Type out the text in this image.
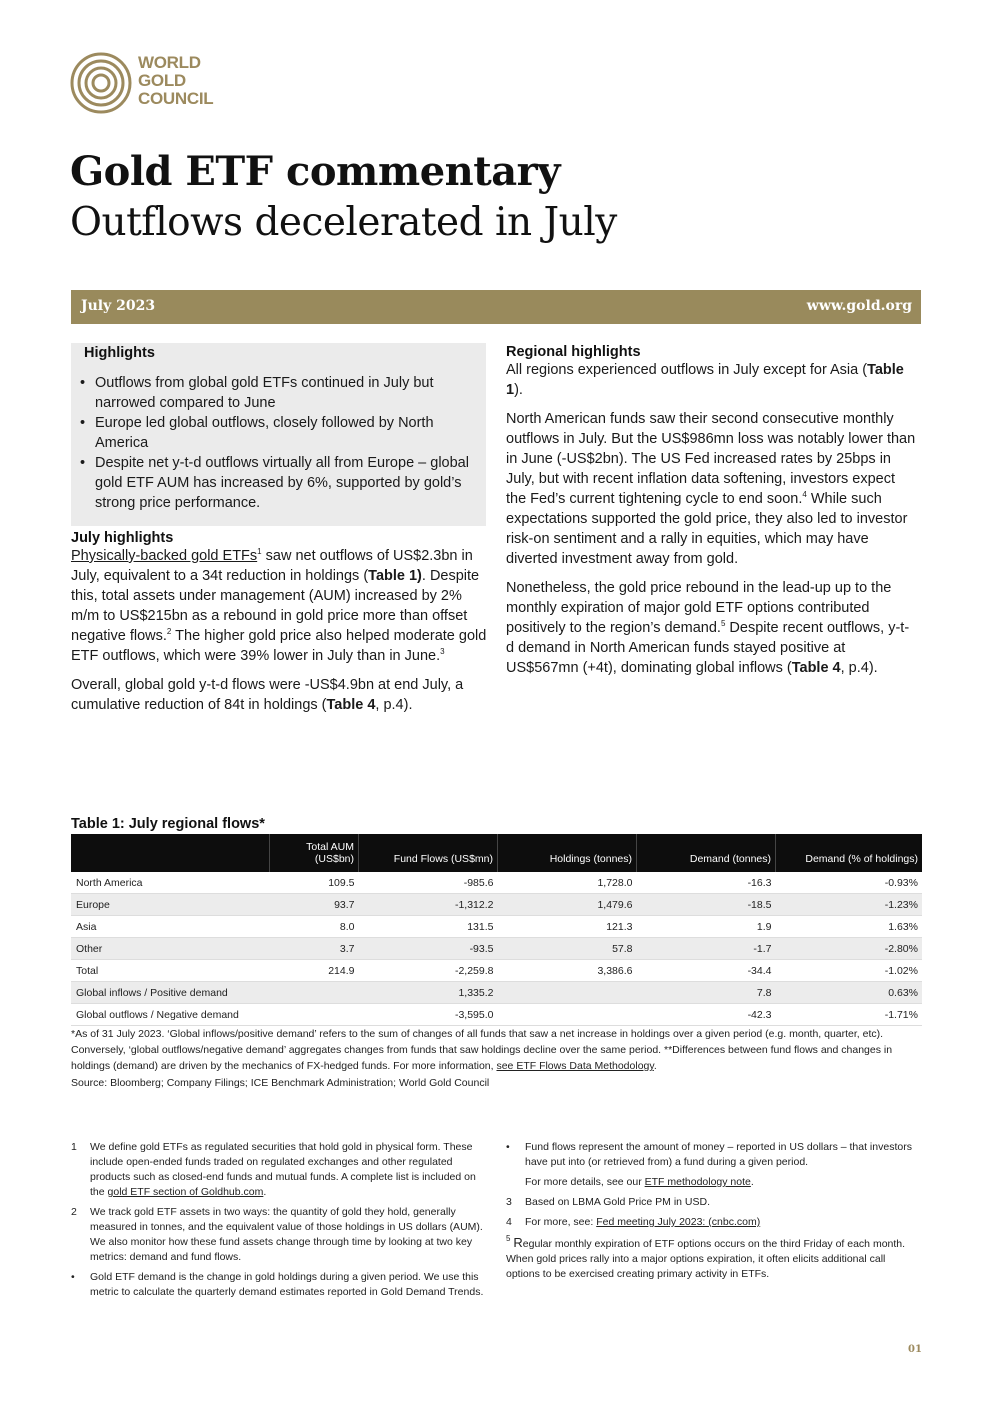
WORLD
GOLD
COUNCIL
Gold ETF commentary
Outflows decelerated in July
July 2023	www.gold.org
Highlights
• Outflows from global gold ETFs continued in July but narrowed compared to June
• Europe led global outflows, closely followed by North America
• Despite net y-t-d outflows virtually all from Europe – global gold ETF AUM has increased by 6%, supported by gold’s strong price performance.
July highlights

Physically-backed gold ETFs$^1$ saw net outflows of US$2.3bn in July, equivalent to a 34t reduction in holdings (Table 1). Despite this, total assets under management (AUM) increased by 2% m/m to US$215bn as a rebound in gold price more than offset negative flows.$^2$ The higher gold price also helped moderate gold ETF outflows, which were 39% lower in July than in June.$^3$

Overall, global gold y-t-d flows were -US$4.9bn at end July, a cumulative reduction of 84t in holdings (Table 4, p.4).

Regional highlights

All regions experienced outflows in July except for Asia (Table 1).

North American funds saw their second consecutive monthly outflows in July. But the US$986mn loss was notably lower than in June (-US$2bn). The US Fed increased rates by 25bps in July, but with recent inflation data softening, investors expect the Fed’s current tightening cycle to end soon.$^4$ While such expectations supported the gold price, they also led to investor risk-on sentiment and a rally in equities, which may have diverted investment away from gold.

Nonetheless, the gold price rebound in the lead-up up to the monthly expiration of major gold ETF options contributed positively to the region’s demand.$^5$ Despite recent outflows, y-t-d demand in North American funds stayed positive at US$567mn (+4t), dominating global inflows (Table 4, p.4).

Table 1: July regional flows*
	Total AUM (US$bn)	Fund Flows (US$mn)	Holdings (tonnes)	Demand (tonnes)	Demand (% of holdings)
North America	109.5	-985.6	1,728.0	-16.3	-0.93%
Europe	93.7	-1,312.2	1,479.6	-18.5	-1.23%
Asia	8.0	131.5	121.3	1.9	1.63%
Other	3.7	-93.5	57.8	-1.7	-2.80%
Total	214.9	-2,259.8	3,386.6	-34.4	-1.02%
Global inflows / Positive demand		1,335.2		7.8	0.63%
Global outflows / Negative demand		-3,595.0		-42.3	-1.71%
*As of 31 July 2023. ‘Global inflows/positive demand’ refers to the sum of changes of all funds that saw a net increase in holdings over a given period (e.g. month, quarter, etc). Conversely, ‘global outflows/negative demand’ aggregates changes from funds that saw holdings decline over the same period. **Differences between fund flows and changes in holdings (demand) are driven by the mechanics of FX-hedged funds. For more information, see ETF Flows Data Methodology.
Source: Bloomberg; Company Filings; ICE Benchmark Administration; World Gold Council
1 We define gold ETFs as regulated securities that hold gold in physical form. These include open-ended funds traded on regulated exchanges and other regulated products such as closed-end funds and mutual funds. A complete list is included on the gold ETF section of Goldhub.com.
2 We track gold ETF assets in two ways: the quantity of gold they hold, generally measured in tonnes, and the equivalent value of those holdings in US dollars (AUM). We also monitor how these fund assets change through time by looking at two key metrics: demand and fund flows.
• Gold ETF demand is the change in gold holdings during a given period. We use this metric to calculate the quarterly demand estimates reported in Gold Demand Trends.
• Fund flows represent the amount of money – reported in US dollars – that investors have put into (or retrieved from) a fund during a given period.
For more details, see our ETF methodology note.
3 Based on LBMA Gold Price PM in USD.
4 For more, see: Fed meeting July 2023: (cnbc.com)
$^5$ Regular monthly expiration of ETF options occurs on the third Friday of each month. When gold prices rally into a major options expiration, it often elicits additional call options to be exercised creating primary activity in ETFs.
01
